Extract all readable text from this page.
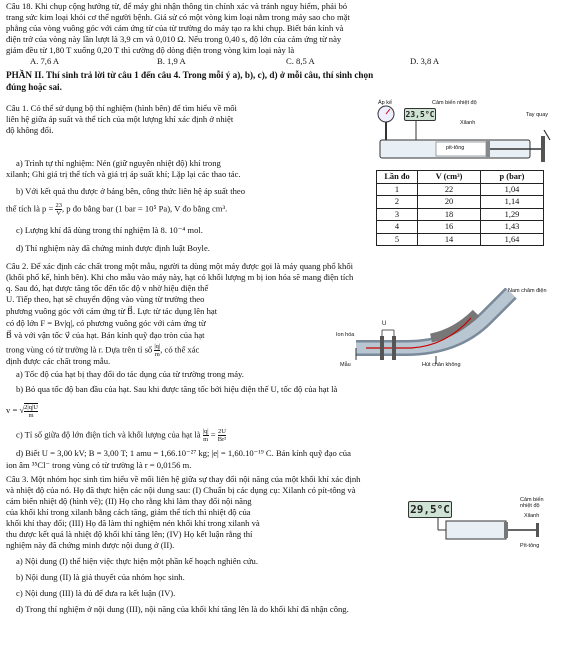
Câu 18. Khi chụp cộng hưởng từ, để máy ghi nhận thông tin chính xác và tránh nguy hiểm, phải bỏ
trang sức kim loại khỏi cơ thể người bệnh. Giả sử có một vòng kim loại nằm trong máy sao cho mặt
phẳng của vòng vuông góc với cảm ứng từ của từ trường do máy tạo ra khi chụp. Biết bán kính và
điện trở của vòng này lần lượt là 3,9 cm và 0,010 Ω. Nếu trong 0,40 s, độ lớn của cảm ứng từ này
giảm đều từ 1,80 T xuống 0,20 T thì cường độ dòng điện trong vòng kim loại này là
A. 7,6 A	B. 1,9 A	C. 8,5 A	D. 3,8 A
PHẦN II. Thí sinh trả lời từ câu 1 đến câu 4. Trong mỗi ý a), b), c), d) ở mỗi câu, thí sinh chọn
đúng hoặc sai.
Câu 1. Có thể sử dụng bộ thí nghiệm (hình bên) để tìm hiểu về mối
liên hệ giữa áp suất và thể tích của một lượng khí xác định ở nhiệt
độ không đổi.
a) Trình tự thí nghiệm: Nén (giữ nguyên nhiệt độ) khí trong
xilanh; Ghi giá trị thể tích và giá trị áp suất khí; Lặp lại các thao tác.
b) Với kết quả thu được ở bảng bên, công thức liên hệ áp suất theo
thể tích là $p = \frac{23}{V}$ , p đo bằng bar (1 bar = 10⁵ Pa), V đo bằng cm³.
c) Lượng khí đã dùng trong thí nghiệm là 8. 10⁻⁴ mol.
d) Thí nghiệm này đã chứng minh được định luật Boyle.
23,5°C
Áp kế	Cảm biến nhiệt độ
Xilanh
Tay quay
pit-tông
Lần đo	V (cm³)	p (bar)
1	22	1,04
2	20	1,14
3	18	1,29
4	16	1,43
5	14	1,64
Câu 2. Để xác định các chất trong một mẫu, người ta dùng một máy được gọi là máy quang phổ khối
(khối phổ kế, hình bên). Khi cho mẫu vào máy này, hạt có khối lượng m bị ion hóa sẽ mang điện tích
q. Sau đó, hạt được tăng tốc đến tốc độ v nhờ hiệu điện thế
U. Tiếp theo, hạt sẽ chuyển động vào vùng từ trường theo
phương vuông góc với cảm ứng từ B⃗. Lực từ tác dụng lên hạt
có độ lớn F = Bv|q|, có phương vuông góc với cảm ứng từ
B⃗ và với vận tốc v⃗ của hạt. Bán kính quỹ đạo tròn của hạt
trong vùng có từ trường là r. Dựa trên tỉ số $\frac{|q|}{m}$ , có thể xác
định được các chất trong mẫu.
a) Tốc độ của hạt bị thay đổi do tác dụng của từ trường trong máy.
b) Bỏ qua tốc độ ban đầu của hạt. Sau khi được tăng tốc bởi hiệu điện thế U, tốc độ của hạt là
v = √ $\frac{2|q|U}{m}$
c) Tỉ số giữa độ lớn điện tích và khối lượng của hạt là $\frac{|q|}{m} = \frac{2U}{\text{Br²}}$
d) Biết U = 3,00 kV; B = 3,00 T; 1 amu = 1,66.10⁻²⁷ kg; |e| = 1,60.10⁻¹⁹ C. Bán kính quỹ đạo của
ion âm ³⁵Cl⁻ trong vùng có từ trường là r = 0,0156 m.
Nam châm điện
Ion hóa
U
Mẫu	Hút chân không
Câu 3. Một nhóm học sinh tìm hiểu về mối liên hệ giữa sự thay đổi nội năng của một khối khí xác định
và nhiệt độ của nó. Họ đã thực hiện các nội dung sau: (I) Chuẩn bị các dụng cụ: Xilanh có pít-tông và
cảm biến nhiệt độ (hình vẽ); (II) Họ cho rằng khi làm thay đổi nội năng
của khối khí trong xilanh bằng cách tăng, giảm thể tích thì nhiệt độ của
khối khí thay đổi; (III) Họ đã làm thí nghiệm nén khối khí trong xilanh và
thu được kết quả là nhiệt độ khối khí tăng lên; (IV) Họ kết luận rằng thí
nghiệm này đã chứng minh được nội dung ở (II).
a) Nội dung (I) thể hiện việc thực hiện một phần kế hoạch nghiên cứu.
b) Nội dung (II) là giả thuyết của nhóm học sinh.
c) Nội dung (III) là đủ để đưa ra kết luận (IV).
d) Trong thí nghiệm ở nội dung (III), nội năng của khối khí tăng lên là do khối khí đã nhận công.
29,5°C
Cảm biến nhiệt độ
Xilanh
Pít-tông
